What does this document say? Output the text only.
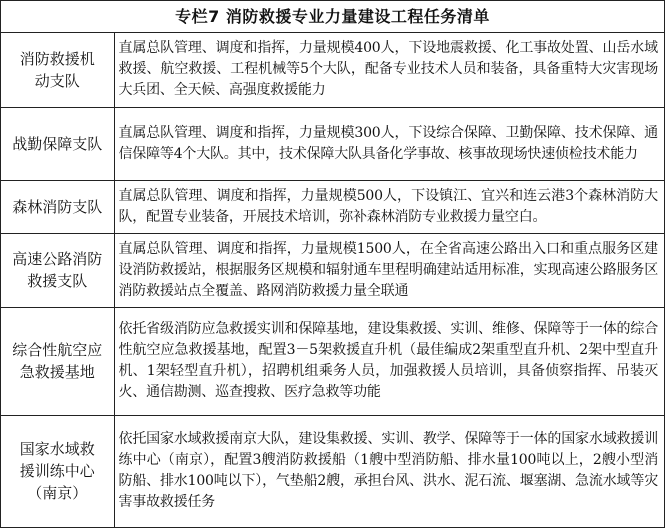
专栏7 消防救援专业力量建设工程任务清单
消防救援机动支队	直属总队管理、调度和指挥，力量规模400人，下设地震救援、化工事故处置、山岳水域救援、航空救援、工程机械等5个大队，配备专业技术人员和装备，具备重特大灾害现场大兵团、全天候、高强度救援能力
战勤保障支队	直属总队管理、调度和指挥，力量规模300人，下设综合保障、卫勤保障、技术保障、通信保障等4个大队。其中，技术保障大队具备化学事故、核事故现场快速侦检技术能力
森林消防支队	直属总队管理、调度和指挥，力量规模500人，下设镇江、宜兴和连云港3个森林消防大队，配置专业装备，开展技术培训，弥补森林消防专业救援力量空白。
高速公路消防救援支队	直属总队管理、调度和指挥，力量规模1500人，在全省高速公路出入口和重点服务区建设消防救援站，根据服务区规模和辐射通车里程明确建站适用标准，实现高速公路服务区消防救援站点全覆盖、路网消防救援力量全联通
综合性航空应急救援基地	依托省级消防应急救援实训和保障基地，建设集救援、实训、维修、保障等于一体的综合性航空应急救援基地，配置3－5架救援直升机（最佳编成2架重型直升机、2架中型直升机、1架轻型直升机），招聘机组乘务人员，加强救援人员培训，具备侦察指挥、吊装灭火、通信勘测、巡查搜救、医疗急救等功能
国家水域救援训练中心（南京）	依托国家水域救援南京大队，建设集救援、实训、教学、保障等于一体的国家水域救援训练中心（南京），配置3艘消防救援船（1艘中型消防船、排水量100吨以上，2艘小型消防船、排水100吨以下），气垫船2艘，承担台风、洪水、泥石流、堰塞湖、急流水域等灾害事故救援任务
